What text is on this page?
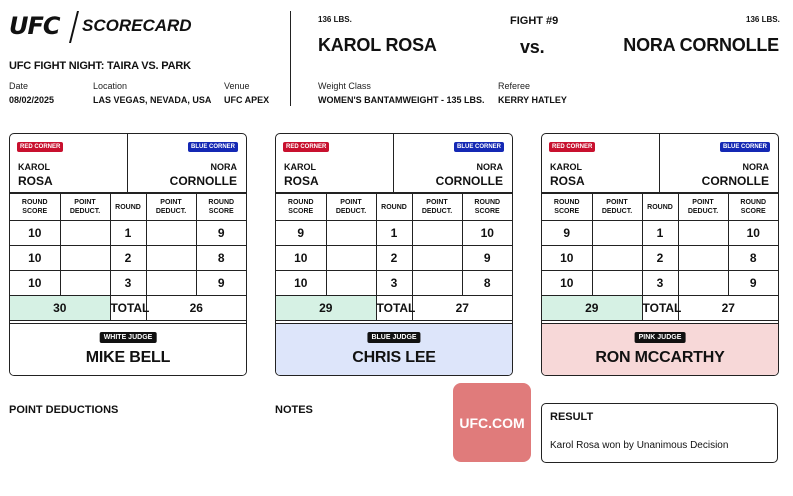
UFC SCORECARD
UFC FIGHT NIGHT: TAIRA VS. PARK
Date
08/02/2025
Location
LAS VEGAS, NEVADA, USA
Venue
UFC APEX
136 LBS.	FIGHT #9	136 LBS.
KAROL ROSA	vs.	NORA CORNOLLE
Weight Class
WOMEN'S BANTAMWEIGHT - 135 LBS.
Referee
KERRY HATLEY
RED CORNER
KAROL
ROSA
BLUE CORNER
NORA
CORNOLLE
ROUND SCORE	POINT DEDUCT.	ROUND	POINT DEDUCT.	ROUND SCORE
10		1		9
10		2		8
10		3		9
30		TOTAL	26	
WHITE JUDGE
MIKE BELL
RED CORNER
KAROL
ROSA
BLUE CORNER
NORA
CORNOLLE
ROUND SCORE	POINT DEDUCT.	ROUND	POINT DEDUCT.	ROUND SCORE
9		1		10
10		2		9
10		3		8
29		TOTAL	27	
BLUE JUDGE
CHRIS LEE
RED CORNER
KAROL
ROSA
BLUE CORNER
NORA
CORNOLLE
ROUND SCORE	POINT DEDUCT.	ROUND	POINT DEDUCT.	ROUND SCORE
9		1		10
10		2		8
10		3		9
29		TOTAL	27	
PINK JUDGE
RON MCCARTHY
POINT DEDUCTIONS	NOTES
UFC.COM	RESULT
Karol Rosa won by Unanimous Decision
